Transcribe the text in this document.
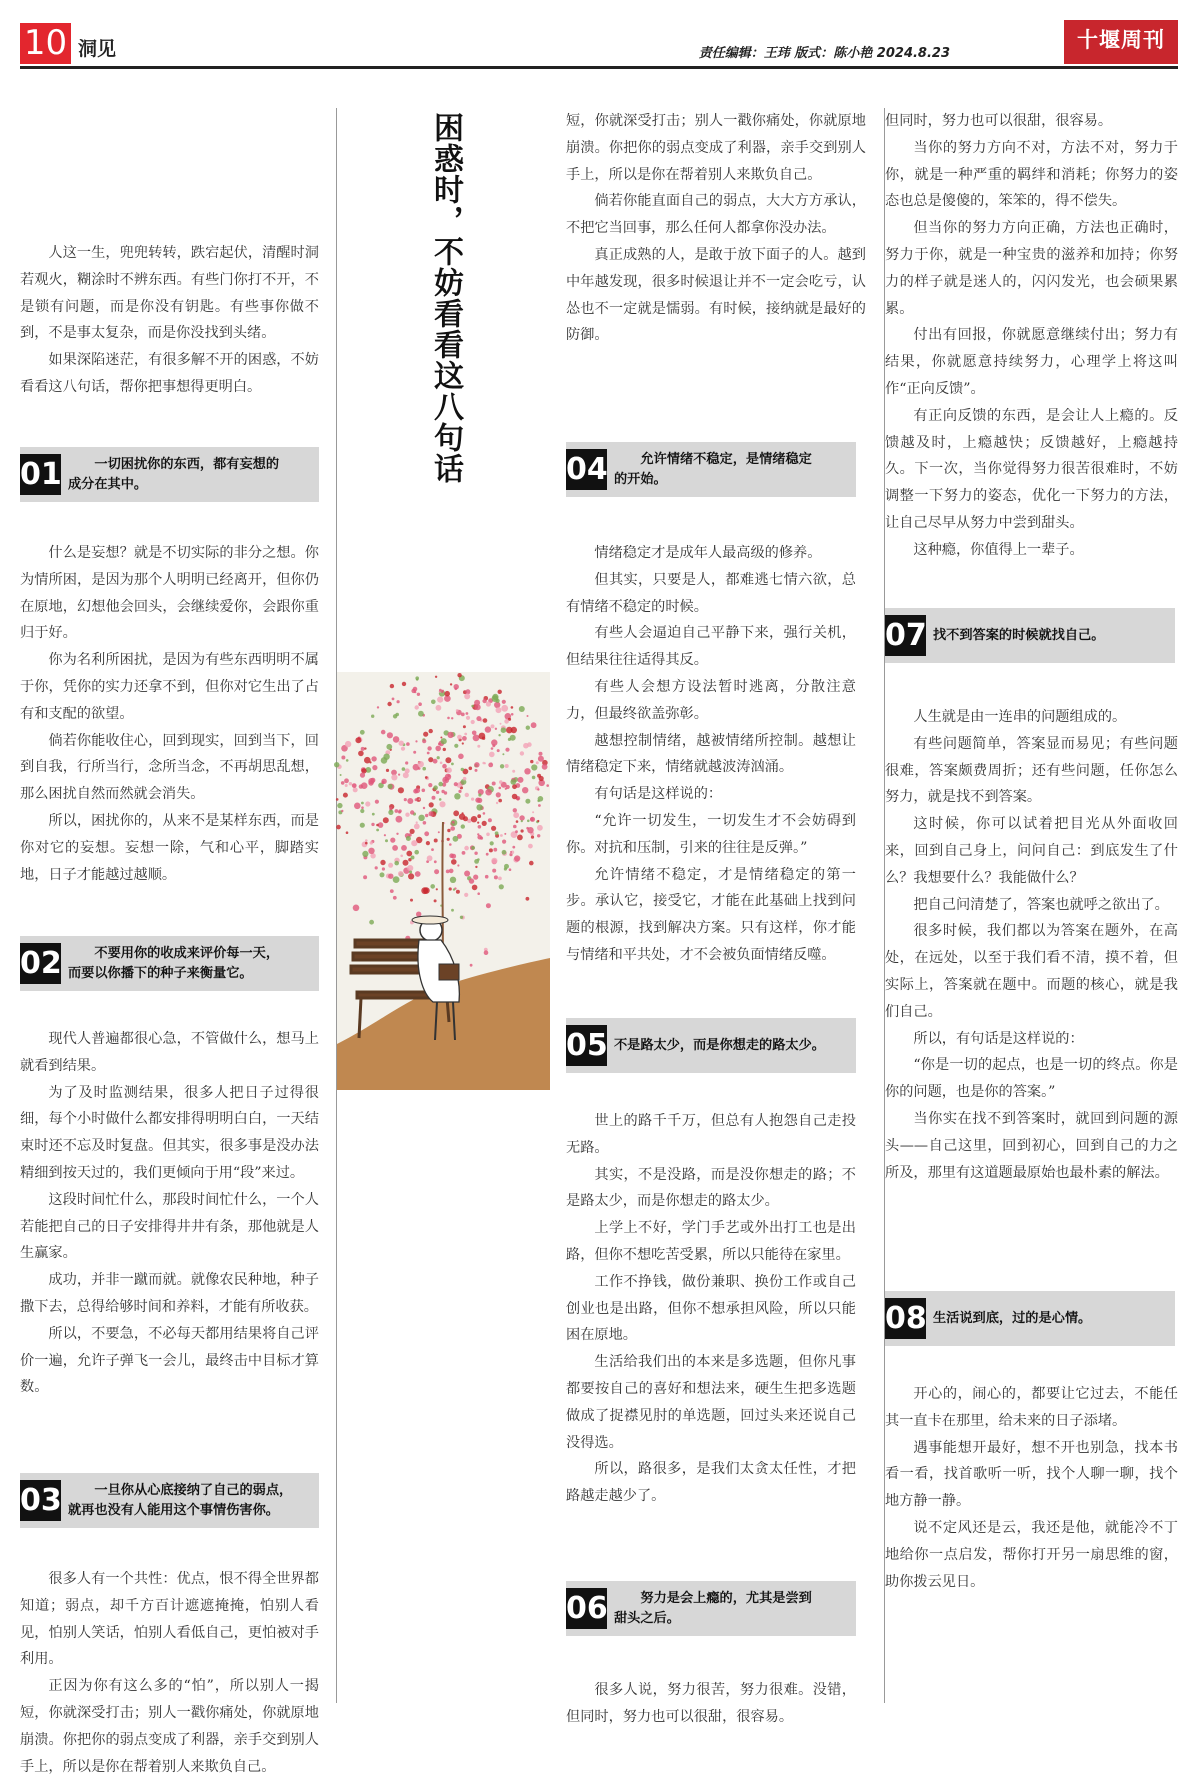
10 洞见	责任编辑：王玮 版式：陈小艳 2024.8.23
十堰周刊

人这一生，兜兜转转，跌宕起伏，清醒时洞若观火，糊涂时不辨东西。有些门你打不开，不是锁有问题，而是你没有钥匙。有些事你做不到，不是事太复杂，而是你没找到头绪。

如果深陷迷茫，有很多解不开的困惑，不妨看看这八句话，帮你把事想得更明白。

01	一切困扰你的东西，都有妄想的
成分在其中。

什么是妄想？就是不切实际的非分之想。你为情所困，是因为那个人明明已经离开，但你仍在原地，幻想他会回头，会继续爱你，会跟你重归于好。

你为名利所困扰，是因为有些东西明明不属于你，凭你的实力还拿不到，但你对它生出了占有和支配的欲望。

倘若你能收住心，回到现实，回到当下，回到自我，行所当行，念所当念，不再胡思乱想，那么困扰自然而然就会消失。

所以，困扰你的，从来不是某样东西，而是你对它的妄想。妄想一除，气和心平，脚踏实地，日子才能越过越顺。

02	不要用你的收成来评价每一天，
而要以你播下的种子来衡量它。

现代人普遍都很心急，不管做什么，想马上就看到结果。

为了及时监测结果，很多人把日子过得很细，每个小时做什么都安排得明明白白，一天结束时还不忘及时复盘。但其实，很多事是没办法精细到按天过的，我们更倾向于用“段”来过。

这段时间忙什么，那段时间忙什么，一个人若能把自己的日子安排得井井有条，那他就是人生赢家。

成功，并非一蹴而就。就像农民种地，种子撒下去，总得给够时间和养料，才能有所收获。

所以，不要急，不必每天都用结果将自己评价一遍，允许子弹飞一会儿，最终击中目标才算数。

03	一旦你从心底接纳了自己的弱点，
就再也没有人能用这个事情伤害你。

很多人有一个共性：优点，恨不得全世界都知道；弱点，却千方百计遮遮掩掩，怕别人看见，怕别人笑话，怕别人看低自己，更怕被对手利用。

正因为你有这么多的“怕”，所以别人一揭短，你就深受打击；别人一戳你痛处，你就原地崩溃。你把你的弱点变成了利器，亲手交到别人手上，所以是你在帮着别人来欺负自己。

困惑时，不妨看看这八句话	短，你就深受打击；别人一戳你痛处，你就原地崩溃。你把你的弱点变成了利器，亲手交到别人手上，所以是你在帮着别人来欺负自己。

倘若你能直面自己的弱点，大大方方承认，不把它当回事，那么任何人都拿你没办法。

真正成熟的人，是敢于放下面子的人。越到中年越发现，很多时候退让并不一定会吃亏，认怂也不一定就是懦弱。有时候，接纳就是最好的防御。

04	允许情绪不稳定，是情绪稳定
的开始。

情绪稳定才是成年人最高级的修养。

但其实，只要是人，都难逃七情六欲，总有情绪不稳定的时候。

有些人会逼迫自己平静下来，强行关机，但结果往往适得其反。

有些人会想方设法暂时逃离，分散注意力，但最终欲盖弥彰。

越想控制情绪，越被情绪所控制。越想让情绪稳定下来，情绪就越波涛汹涌。

有句话是这样说的：

“允许一切发生，一切发生才不会妨碍到你。对抗和压制，引来的往往是反弹。”

允许情绪不稳定，才是情绪稳定的第一步。承认它，接受它，才能在此基础上找到问题的根源，找到解决方案。只有这样，你才能与情绪和平共处，才不会被负面情绪反噬。

05 不是路太少，而是你想走的路太少。

世上的路千千万，但总有人抱怨自己走投无路。

其实，不是没路，而是没你想走的路；不是路太少，而是你想走的路太少。

上学上不好，学门手艺或外出打工也是出路，但你不想吃苦受累，所以只能待在家里。

工作不挣钱，做份兼职、换份工作或自己创业也是出路，但你不想承担风险，所以只能困在原地。

生活给我们出的本来是多选题，但你凡事都要按自己的喜好和想法来，硬生生把多选题做成了捉襟见肘的单选题，回过头来还说自己没得选。

所以，路很多，是我们太贪太任性，才把路越走越少了。

06	努力是会上瘾的，尤其是尝到
甜头之后。

很多人说，努力很苦，努力很难。没错，但同时，努力也可以很甜，很容易。

但同时，努力也可以很甜，很容易。

当你的努力方向不对，方法不对，努力于你，就是一种严重的羁绊和消耗；你努力的姿态也总是傻傻的，笨笨的，得不偿失。

但当你的努力方向正确，方法也正确时，努力于你，就是一种宝贵的滋养和加持；你努力的样子就是迷人的，闪闪发光，也会硕果累累。

付出有回报，你就愿意继续付出；努力有结果，你就愿意持续努力，心理学上将这叫作“正向反馈”。

有正向反馈的东西，是会让人上瘾的。反馈越及时，上瘾越快；反馈越好，上瘾越持久。下一次，当你觉得努力很苦很难时，不妨调整一下努力的姿态，优化一下努力的方法，让自己尽早从努力中尝到甜头。

这种瘾，你值得上一辈子。

07 找不到答案的时候就找自己。

人生就是由一连串的问题组成的。

有些问题简单，答案显而易见；有些问题很难，答案颇费周折；还有些问题，任你怎么努力，就是找不到答案。

这时候，你可以试着把目光从外面收回来，回到自己身上，问问自己：到底发生了什么？我想要什么？我能做什么？

把自己问清楚了，答案也就呼之欲出了。

很多时候，我们都以为答案在题外，在高处，在远处，以至于我们看不清，摸不着，但实际上，答案就在题中。而题的核心，就是我们自己。

所以，有句话是这样说的：

“你是一切的起点，也是一切的终点。你是你的问题，也是你的答案。”

当你实在找不到答案时，就回到问题的源头——自己这里，回到初心，回到自己的力之所及，那里有这道题最原始也最朴素的解法。

08 生活说到底，过的是心情。

开心的，闹心的，都要让它过去，不能任其一直卡在那里，给未来的日子添堵。

遇事能想开最好，想不开也别急，找本书看一看，找首歌听一听，找个人聊一聊，找个地方静一静。

说不定风还是云，我还是他，就能冷不丁地给你一点启发，帮你打开另一扇思维的窗，助你拨云见日。
